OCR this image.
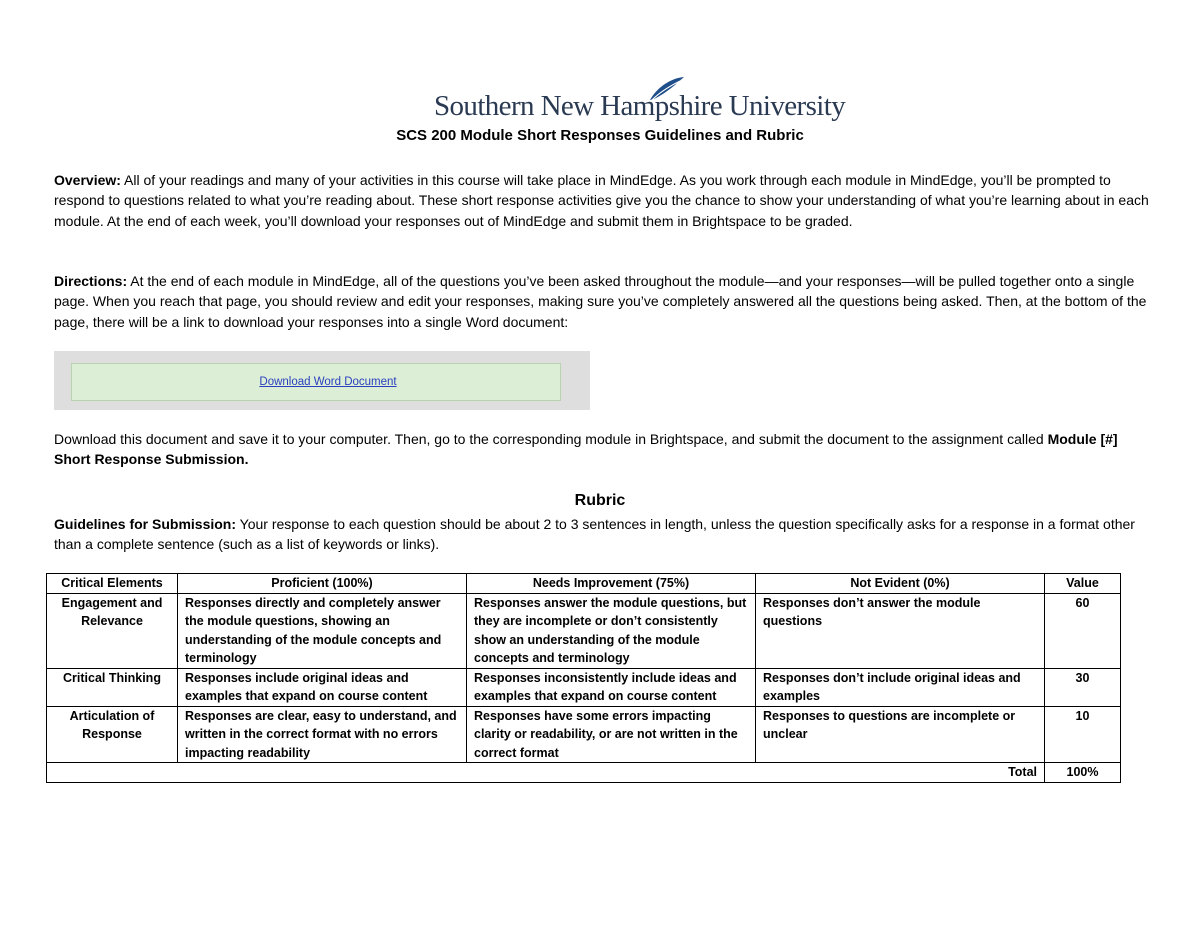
Southern New Hampshire University
SCS 200 Module Short Responses Guidelines and Rubric

Overview: All of your readings and many of your activities in this course will take place in MindEdge. As you work through each module in MindEdge, you’ll be prompted to respond to questions related to what you’re reading about. These short response activities give you the chance to show your understanding of what you’re learning about in each module. At the end of each week, you’ll download your responses out of MindEdge and submit them in Brightspace to be graded.

Directions: At the end of each module in MindEdge, all of the questions you’ve been asked throughout the module—and your responses—will be pulled together onto a single page. When you reach that page, you should review and edit your responses, making sure you’ve completely answered all the questions being asked. Then, at the bottom of the page, there will be a link to download your responses into a single Word document:

Download Word Document

Download this document and save it to your computer. Then, go to the corresponding module in Brightspace, and submit the document to the assignment called Module [#] Short Response Submission.

Rubric

Guidelines for Submission: Your response to each question should be about 2 to 3 sentences in length, unless the question specifically asks for a response in a format other than a complete sentence (such as a list of keywords or links).

Critical Elements	Proficient (100%)	Needs Improvement (75%)	Not Evident (0%)	Value
Engagement and Relevance	Responses directly and completely answer the module questions, showing an understanding of the module concepts and terminology	Responses answer the module questions, but they are incomplete or don’t consistently show an understanding of the module concepts and terminology	Responses don’t answer the module questions	60
Critical Thinking	Responses include original ideas and examples that expand on course content	Responses inconsistently include ideas and examples that expand on course content	Responses don’t include original ideas and examples	30
Articulation of Response	Responses are clear, easy to understand, and written in the correct format with no errors impacting readability	Responses have some errors impacting clarity or readability, or are not written in the correct format	Responses to questions are incomplete or unclear	10
Total				100%
